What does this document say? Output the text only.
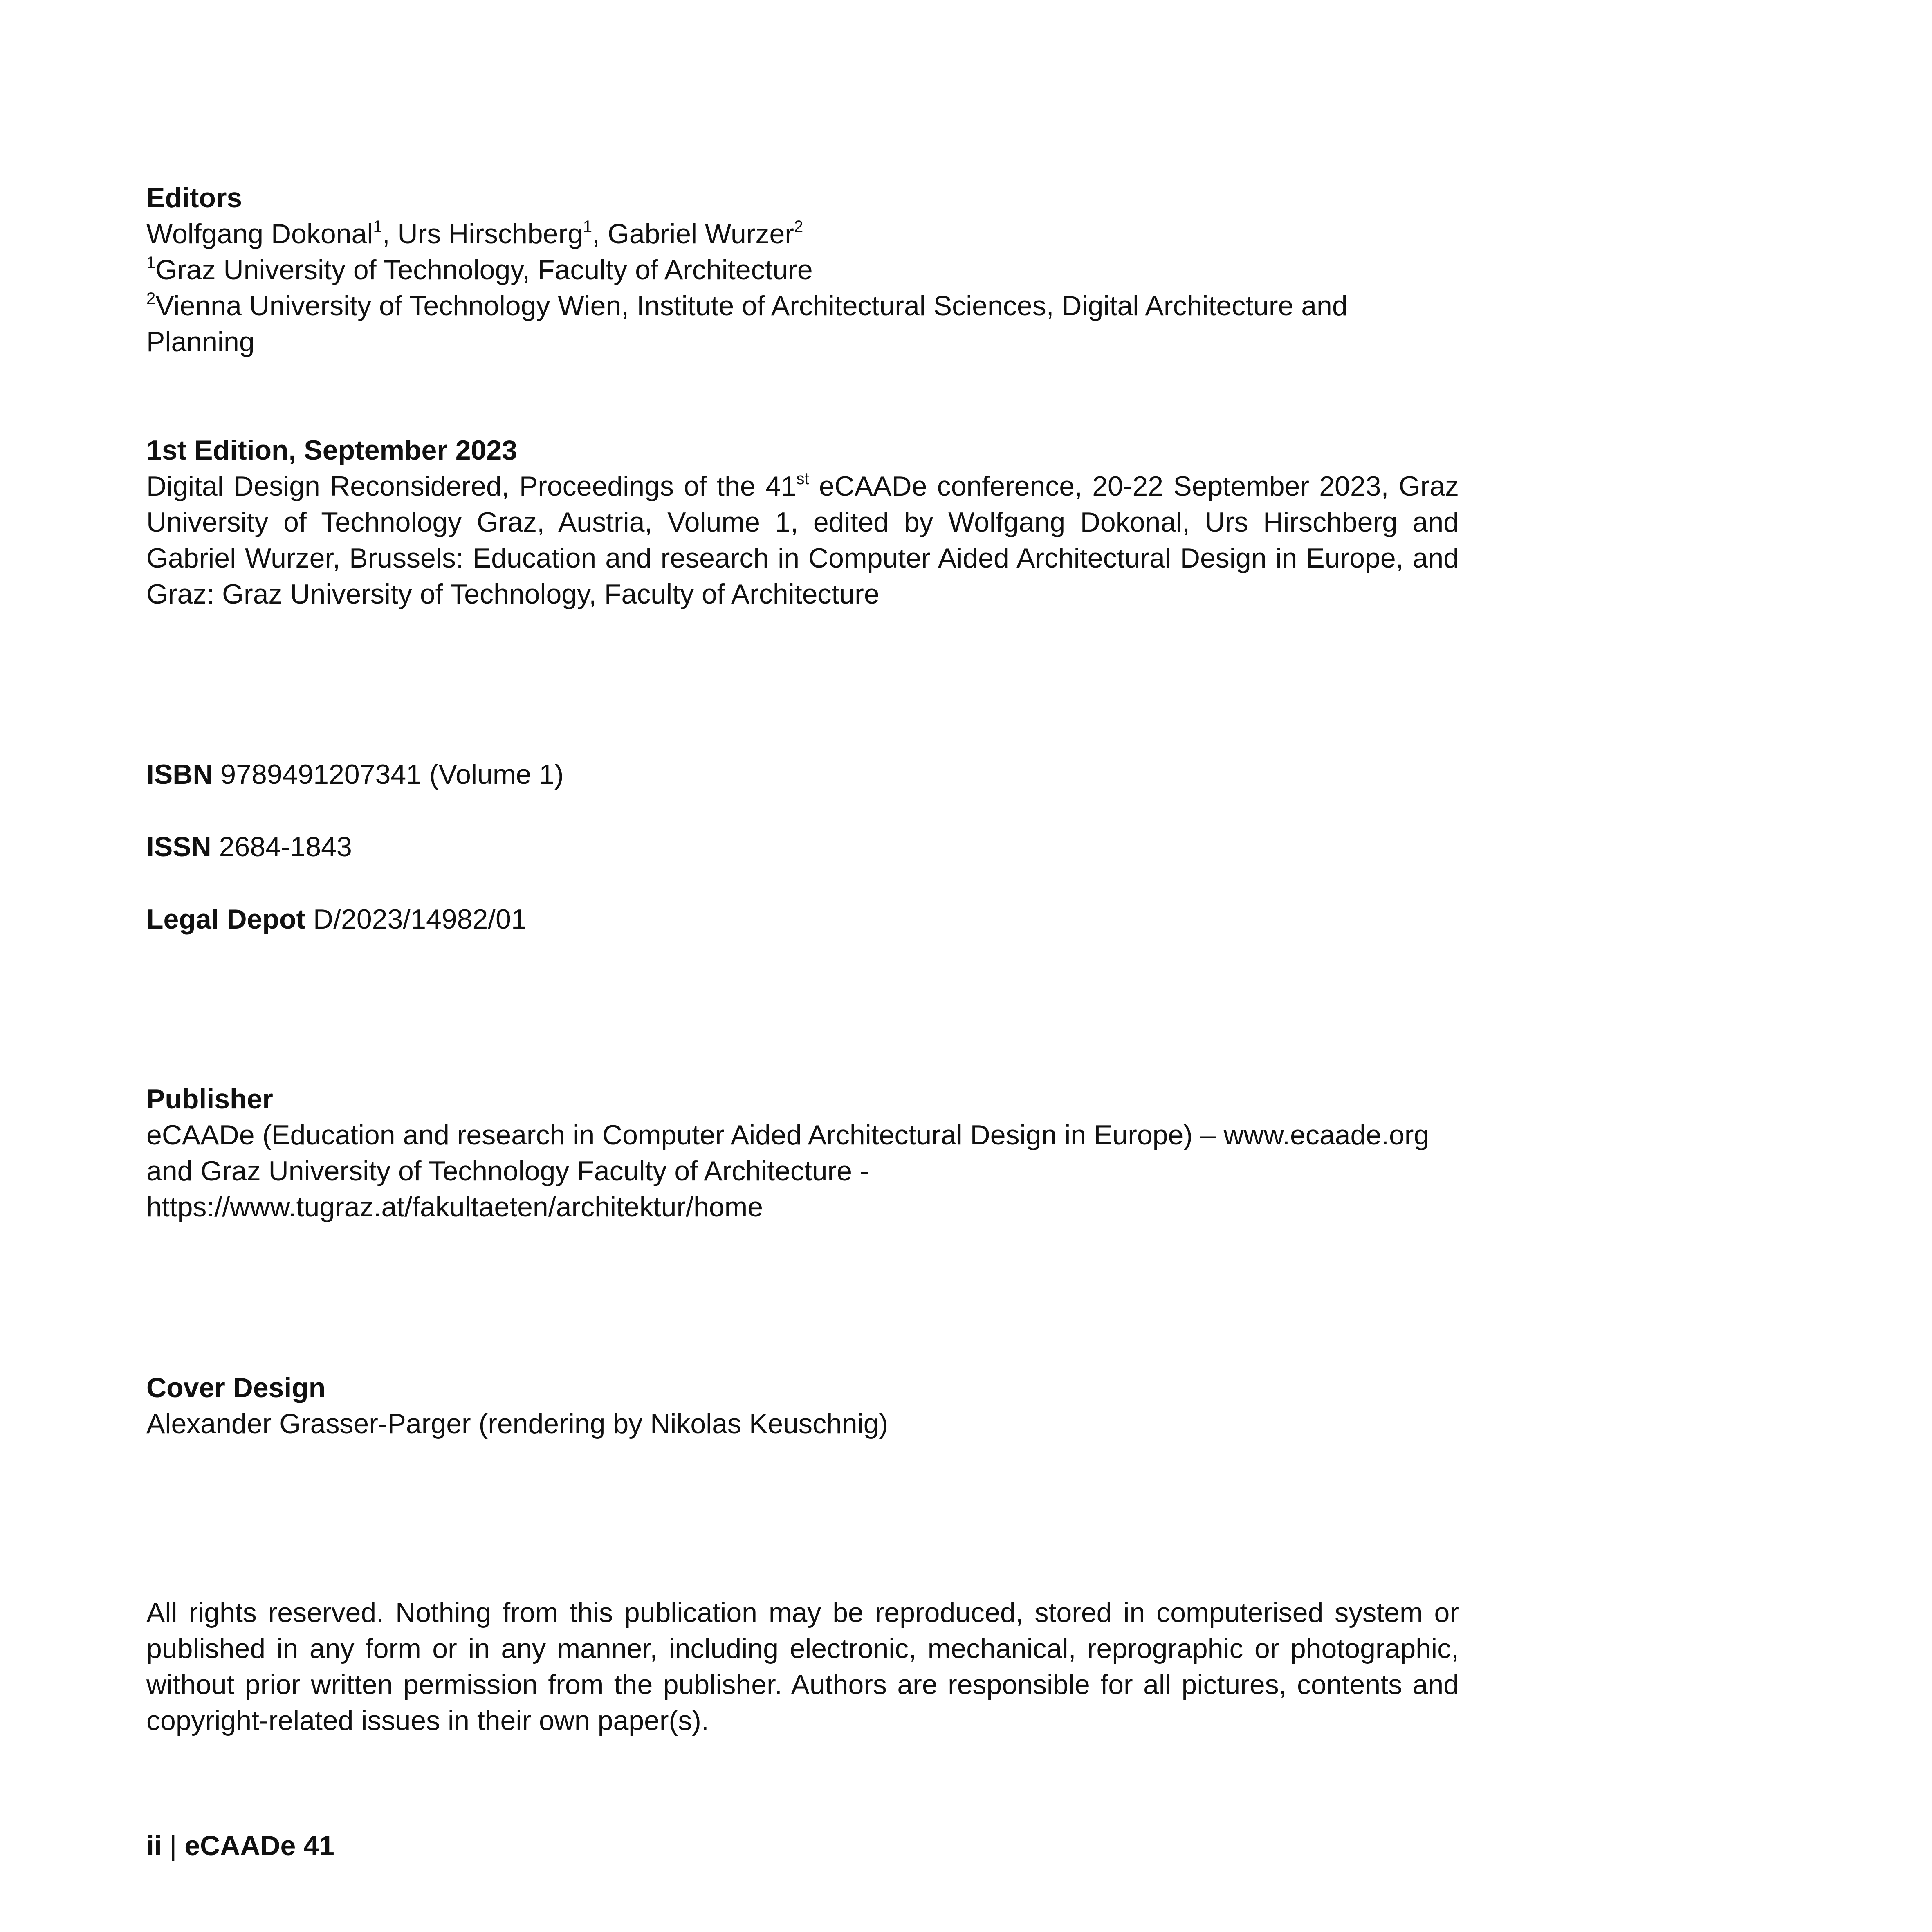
Editors

Wolfgang Dokonal$^1$, Urs Hirschberg$^1$, Gabriel Wurzer$^2$

$^1$Graz University of Technology, Faculty of Architecture

$^2$Vienna University of Technology Wien, Institute of Architectural Sciences, Digital Architecture and Planning

1st Edition, September 2023

Digital Design Reconsidered, Proceedings of the 41st eCAADe conference, 20-22 September 2023, Graz University of Technology Graz, Austria, Volume 1, edited by Wolfgang Dokonal, Urs Hirschberg and Gabriel Wurzer, Brussels: Education and research in Computer Aided Architectural Design in Europe, and Graz: Graz University of Technology, Faculty of Architecture

ISBN 9789491207341 (Volume 1)

ISSN 2684-1843

Legal Depot D/2023/14982/01

Publisher

eCAADe (Education and research in Computer Aided Architectural Design in Europe) – www.ecaade.org

and Graz University of Technology Faculty of Architecture -

https://www.tugraz.at/fakultaeten/architektur/home

Cover Design

Alexander Grasser-Parger (rendering by Nikolas Keuschnig)

All rights reserved. Nothing from this publication may be reproduced, stored in computerised system or published in any form or in any manner, including electronic, mechanical, reprographic or photographic, without prior written permission from the publisher. Authors are responsible for all pictures, contents and copyright-related issues in their own paper(s).

ii | eCAADe 41
